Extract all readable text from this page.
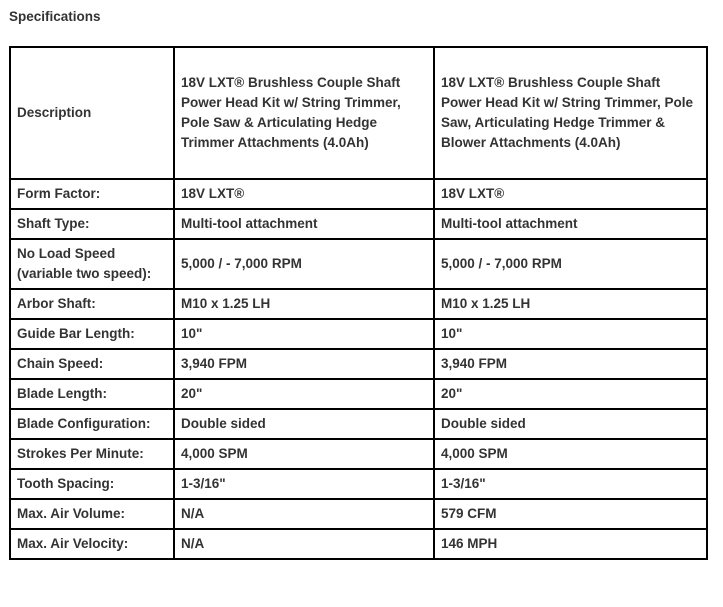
Specifications
Description	18V LXT® Brushless Couple Shaft Power Head Kit w/ String Trimmer, Pole Saw & Articulating Hedge Trimmer Attachments (4.0Ah)	18V LXT® Brushless Couple Shaft Power Head Kit w/ String Trimmer, Pole Saw, Articulating Hedge Trimmer & Blower Attachments (4.0Ah)
Form Factor:	18V LXT®	18V LXT®
Shaft Type:	Multi-tool attachment	Multi-tool attachment
No Load Speed (variable two speed):	5,000 / - 7,000 RPM	5,000 / - 7,000 RPM
Arbor Shaft:	M10 x 1.25 LH	M10 x 1.25 LH
Guide Bar Length:	10"	10"
Chain Speed:	3,940 FPM	3,940 FPM
Blade Length:	20"	20"
Blade Configuration:	Double sided	Double sided
Strokes Per Minute:	4,000 SPM	4,000 SPM
Tooth Spacing:	1-3/16"	1-3/16"
Max. Air Volume:	N/A	579 CFM
Max. Air Velocity:	N/A	146 MPH
